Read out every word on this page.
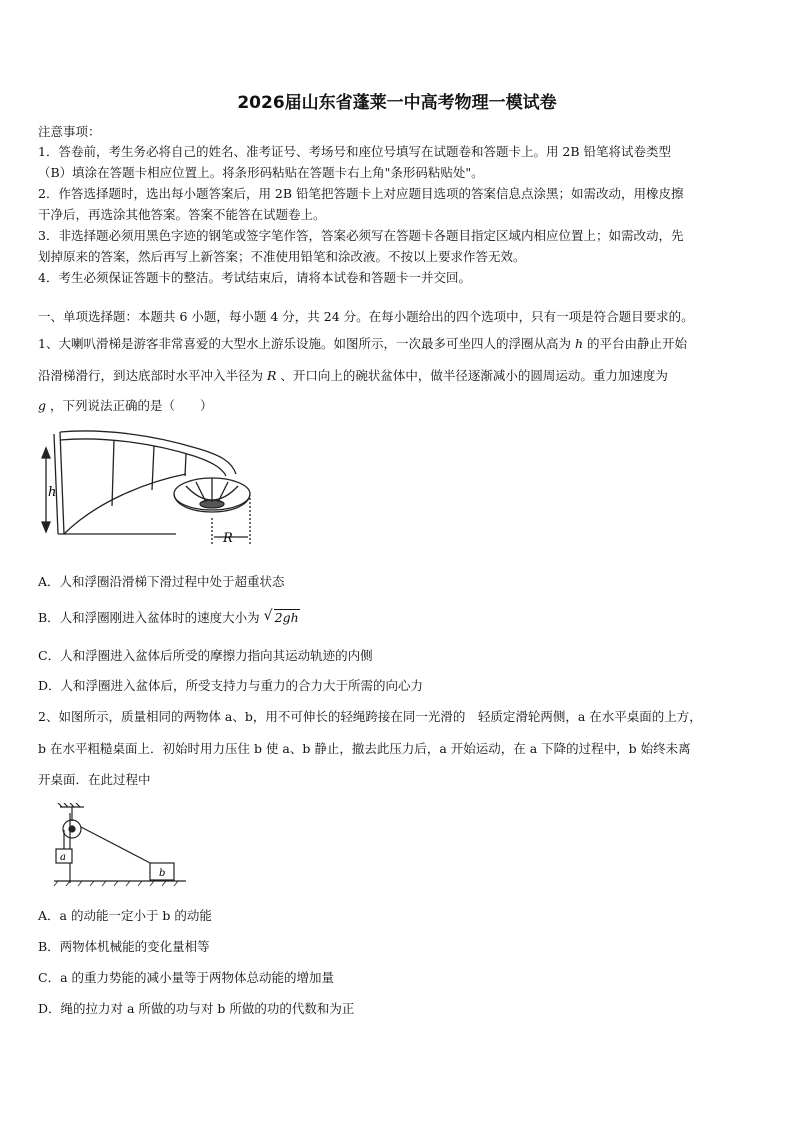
2026届山东省蓬莱一中高考物理一模试卷
注意事项：
1．答卷前，考生务必将自己的姓名、准考证号、考场号和座位号填写在试题卷和答题卡上。用 2B 铅笔将试卷类型
（B）填涂在答题卡相应位置上。将条形码粘贴在答题卡右上角"条形码粘贴处"。
2．作答选择题时，选出每小题答案后，用 2B 铅笔把答题卡上对应题目选项的答案信息点涂黑；如需改动，用橡皮擦
干净后，再选涂其他答案。答案不能答在试题卷上。
3．非选择题必须用黑色字迹的钢笔或签字笔作答，答案必须写在答题卡各题目指定区域内相应位置上；如需改动，先
划掉原来的答案，然后再写上新答案；不准使用铅笔和涂改液。不按以上要求作答无效。
4．考生必须保证答题卡的整洁。考试结束后，请将本试卷和答题卡一并交回。
一、单项选择题：本题共 6 小题，每小题 4 分，共 24 分。在每小题给出的四个选项中，只有一项是符合题目要求的。
1、大喇叭滑梯是游客非常喜爱的大型水上游乐设施。如图所示，一次最多可坐四人的浮圈从高为 h 的平台由静止开始
沿滑梯滑行，到达底部时水平冲入半径为 R 、开口向上的碗状盆体中，做半径逐渐减小的圆周运动。重力加速度为
g ，下列说法正确的是（　　）
h
R
A．人和浮圈沿滑梯下滑过程中处于超重状态
B．人和浮圈刚进入盆体时的速度大小为 √ 2gh
C．人和浮圈进入盆体后所受的摩擦力指向其运动轨迹的内侧
D．人和浮圈进入盆体后，所受支持力与重力的合力大于所需的向心力
2、如图所示，质量相同的两物体 a、b，用不可伸长的轻绳跨接在同一光滑的　轻质定滑轮两侧，a 在水平桌面的上方，
b 在水平粗糙桌面上．初始时用力压住 b 使 a、b 静止，撤去此压力后，a 开始运动，在 a 下降的过程中，b 始终未离
开桌面．在此过程中
a
b
A．a 的动能一定小于 b 的动能
B．两物体机械能的变化量相等
C．a 的重力势能的减小量等于两物体总动能的增加量
D．绳的拉力对 a 所做的功与对 b 所做的功的代数和为正
